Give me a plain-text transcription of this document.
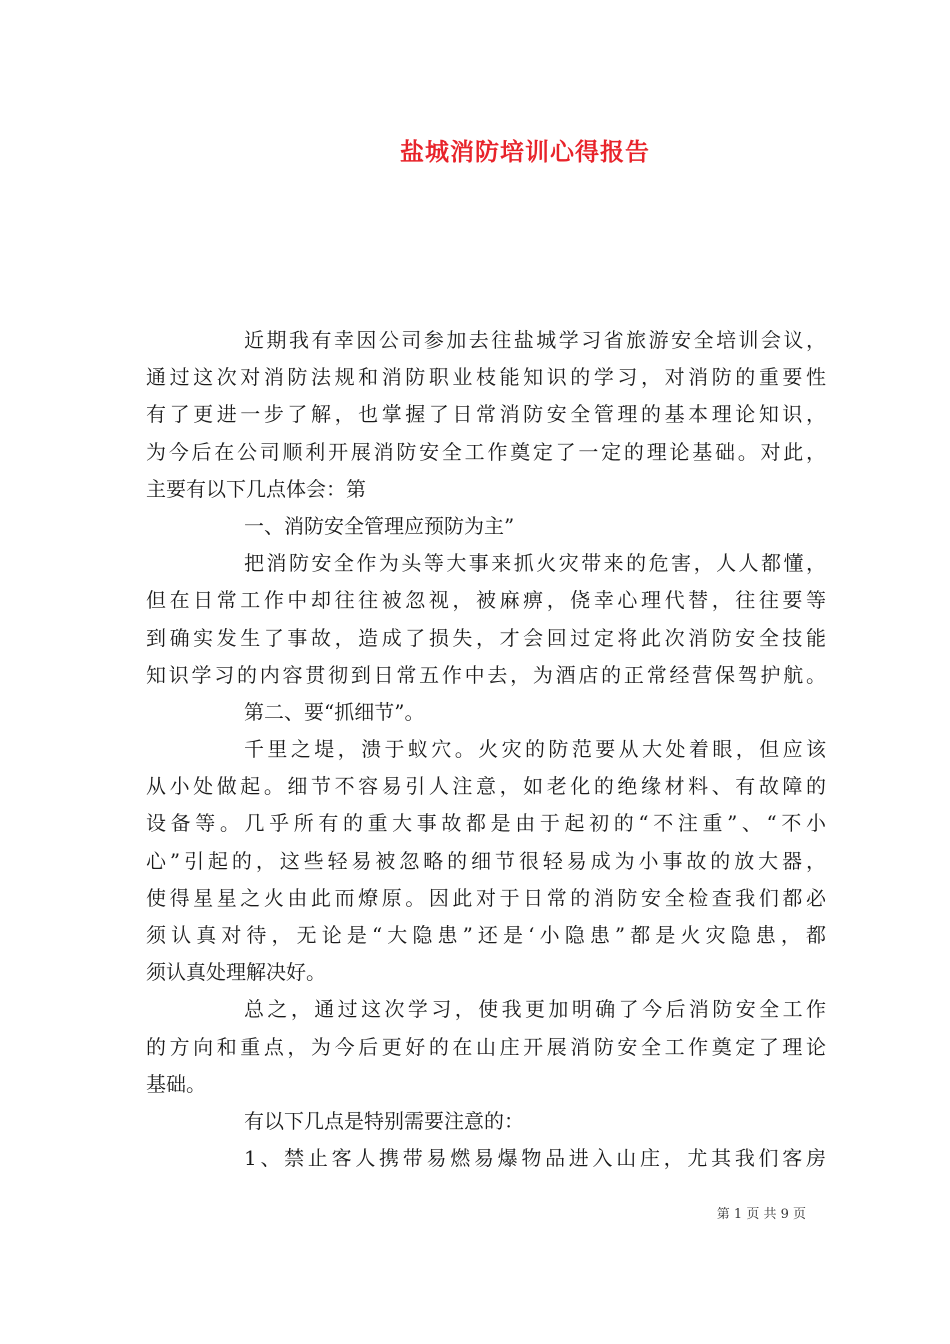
盐城消防培训心得报告
近期我有幸因公司参加去往盐城学习省旅游安全培训会议，
通过这次对消防法规和消防职业枝能知识的学习，对消防的重要性
有了更进一步了解，也掌握了日常消防安全管理的基本理论知识，
为今后在公司顺利开展消防安全工作奠定了一定的理论基础。对此，
主要有以下几点体会：第
一、消防安全管理应预防为主”
把消防安全作为头等大事来抓火灾带来的危害，人人都懂，
但在日常工作中却往往被忽视，被麻痹，侥幸心理代替，往往要等
到确实发生了事故，造成了损失，才会回过定将此次消防安全技能
知识学习的内容贯彻到日常五作中去，为酒店的正常经营保驾护航。
第二、要“抓细节”。
千里之堤，溃于蚁穴。火灾的防范要从大处着眼，但应该
从小处做起。细节不容易引人注意，如老化的绝缘材料、有故障的
设备等。几乎所有的重大事故都是由于起初的“不注重”、“不小
心”引起的，这些轻易被忽略的细节很轻易成为小事故的放大器，
使得星星之火由此而燎原。因此对于日常的消防安全检查我们都必
须认真对待，无论是“大隐患”还是‘小隐患”都是火灾隐患，都
须认真处理解决好。
总之，通过这次学习，使我更加明确了今后消防安全工作
的方向和重点，为今后更好的在山庄开展消防安全工作奠定了理论
基础。
有以下几点是特别需要注意的：
1、禁止客人携带易燃易爆物品进入山庄，尤其我们客房
第 1 页 共 9 页
